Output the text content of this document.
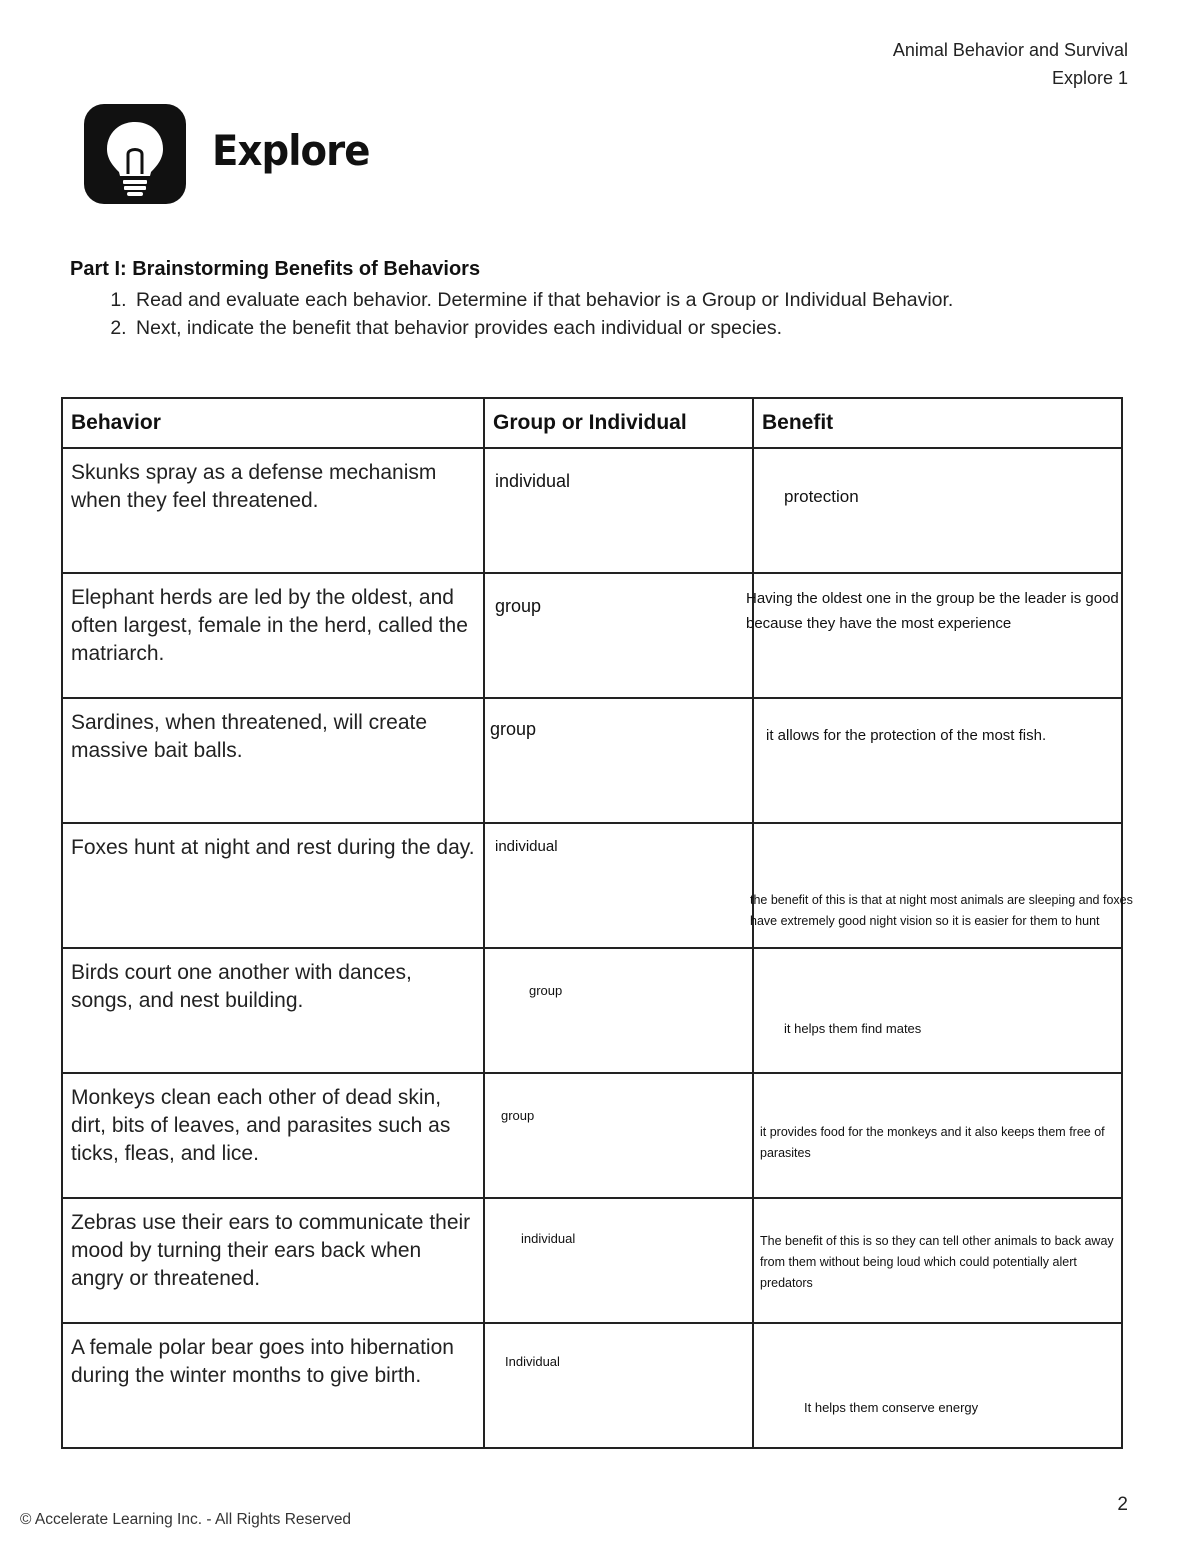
Animal Behavior and Survival
Explore 1
Explore
Part I: Brainstorming Benefits of Behaviors
1. Read and evaluate each behavior. Determine if that behavior is a Group or Individual Behavior.
2. Next, indicate the benefit that behavior provides each individual or species.
Behavior	Group or Individual	Benefit
Skunks spray as a defense mechanism when they feel threatened.	individual	protection

Elephant herds are led by the oldest, and often largest, female in the herd, called the matriarch.	group	Having the oldest one in the group be the leader is good because they have the most experience

Sardines, when threatened, will create massive bait balls.	group	it allows for the protection of the most fish.

Foxes hunt at night and rest during the day.	individual	the benefit of this is that at night most animals are sleeping and foxes have extremely good night vision so it is easier for them to hunt

Birds court one another with dances, songs, and nest building.	group	it helps them find mates

Monkeys clean each other of dead skin, dirt, bits of leaves, and parasites such as ticks, fleas, and lice.	group	it provides food for the monkeys and it also keeps them free of parasites

Zebras use their ears to communicate their mood by turning their ears back when angry or threatened.	individual	The benefit of this is so they can tell other animals to back away from them without being loud which could potentially alert predators

A female polar bear goes into hibernation during the winter months to give birth.	Individual	It helps them conserve energy
© Accelerate Learning Inc. - All Rights Reserved
2
